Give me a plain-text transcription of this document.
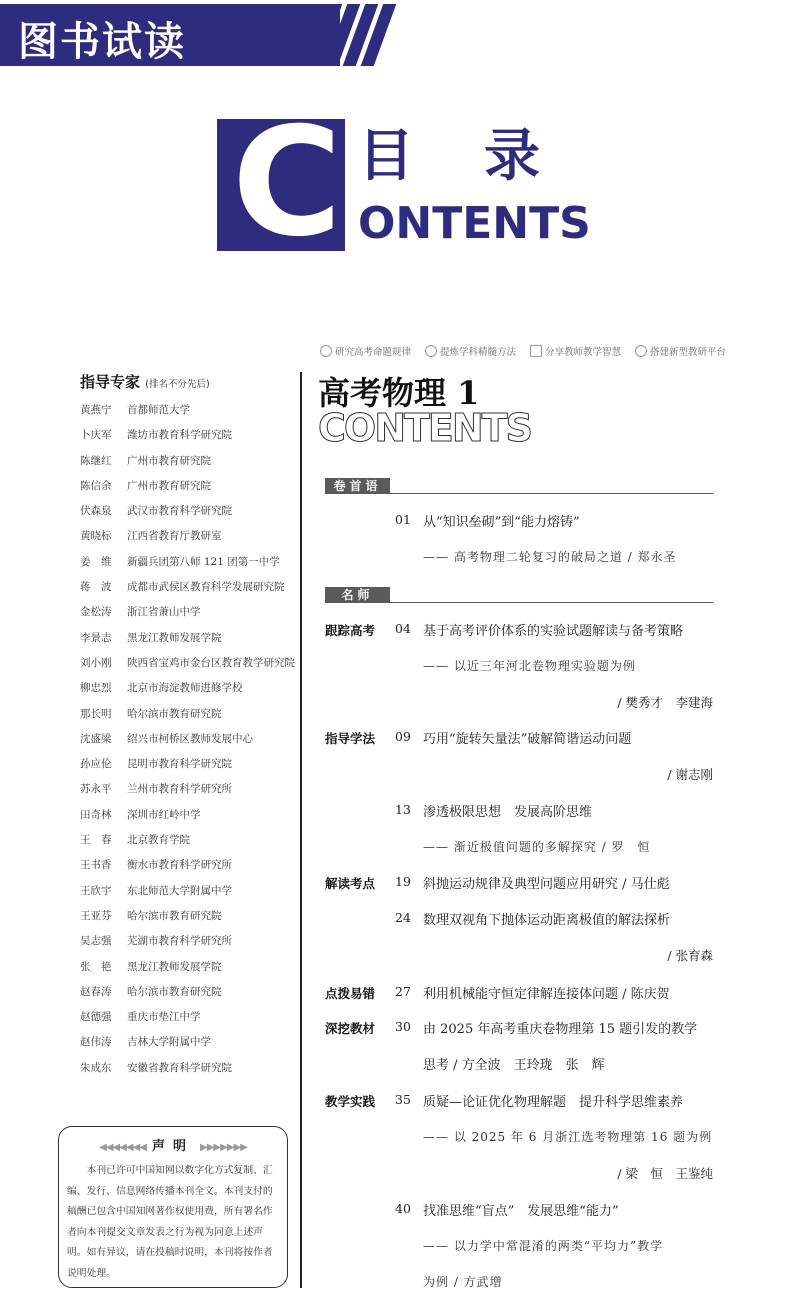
图书试读
C 目录
ONTENTS
研究高考命题规律	提炼学科精髓方法	分享教师教学智慧	搭建新型教研平台
指导专家 (排名不分先后)
黄燕宁	首都师范大学
卜庆军	潍坊市教育科学研究院
陈继红	广州市教育研究院
陈信余	广州市教育研究院
伏森泉	武汉市教育科学研究院
黄晓标	江西省教育厅教研室
姜　维	新疆兵团第八师 121 团第一中学
蒋　波	成都市武侯区教育科学发展研究院
金松涛	浙江省萧山中学
李景志	黑龙江教师发展学院
刘小刚	陕西省宝鸡市金台区教育教学研究院
柳忠烈	北京市海淀教师进修学校
那长明	哈尔滨市教育研究院
沈盛梁	绍兴市柯桥区教师发展中心
孙应伦	昆明市教育科学研究院
苏永平	兰州市教育科学研究所
田奇林	深圳市红岭中学
王　春	北京教育学院
王书香	衡水市教育科学研究所
王欣宇	东北师范大学附属中学
王亚芬	哈尔滨市教育研究院
吴志强	芜湖市教育科学研究所
张　艳	黑龙江教师发展学院
赵春涛	哈尔滨市教育研究院
赵德强	重庆市垫江中学
赵伟涛	吉林大学附属中学
朱成东	安徽省教育科学研究院
◀◀◀◀◀◀◀ 声明 ▶▶▶▶▶▶▶
本刊已许可中国知网以数字化方式复制、汇编、发行、信息网络传播本刊全文。本刊支付的稿酬已包含中国知网著作权使用费，所有署名作者向本刊提交文章发表之行为视为同意上述声明。如有异议，请在投稿时说明，本刊将按作者说明处理。
高考物理 1
CONTENTS
卷首语
01 从“知识垒砌”到“能力熔铸”
—— 高考物理二轮复习的破局之道 / 郑永圣
名师
跟踪高考 04 基于高考评价体系的实验试题解读与备考策略
—— 以近三年河北卷物理实验题为例
/ 樊秀才　李建海
指导学法 09 巧用“旋转矢量法”破解简谐运动问题
/ 谢志刚
13 渗透极限思想　发展高阶思维
—— 渐近极值问题的多解探究 / 罗　恒
解读考点 19 斜抛运动规律及典型问题应用研究 / 马仕彪
24 数理双视角下抛体运动距离极值的解法探析
/ 张育森
点拨易错 27 利用机械能守恒定律解连接体问题 / 陈庆贺
深挖教材 30 由 2025 年高考重庆卷物理第 15 题引发的教学
思考 / 方全波　王玲珑　张　辉
教学实践 35 质疑—论证优化物理解题　提升科学思维素养
—— 以 2025 年 6 月浙江选考物理第 16 题为例
/ 梁　恒　王鉴纯
40 找准思维“盲点”　发展思维“能力”
—— 以力学中常混淆的两类“平均力”教学
为例 / 方武增
